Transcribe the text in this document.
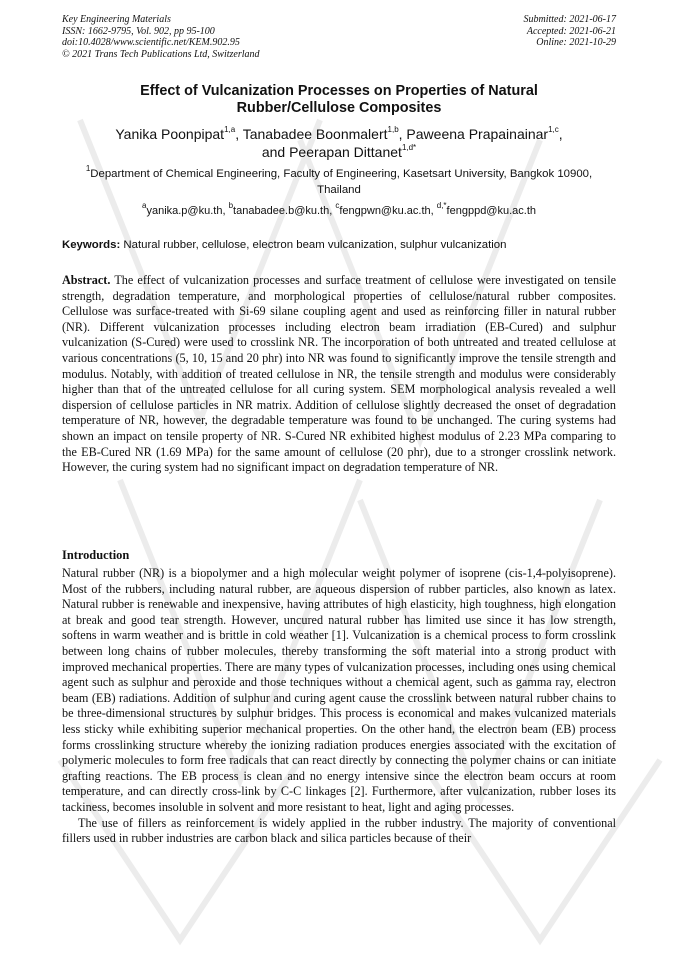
Key Engineering Materials
ISSN: 1662-9795, Vol. 902, pp 95-100
doi:10.4028/www.scientific.net/KEM.902.95
© 2021 Trans Tech Publications Ltd, Switzerland
Submitted: 2021-06-17
Accepted: 2021-06-21
Online: 2021-10-29
Effect of Vulcanization Processes on Properties of Natural
Rubber/Cellulose Composites
Yanika Poonpipat$^{1,a}$, Tanabadee Boonmalert$^{1,b}$, Paweena Prapainainar$^{1,c}$,
and Peerapan Dittanet$^{1,d*}$
$^1$Department of Chemical Engineering, Faculty of Engineering, Kasetsart University, Bangkok 10900, Thailand
$^a$yanika.p@ku.th, $^b$tanabadee.b@ku.th, $^c$fengpwn@ku.ac.th, $^{d,*}$fengppd@ku.ac.th
Keywords: Natural rubber, cellulose, electron beam vulcanization, sulphur vulcanization

Abstract. The effect of vulcanization processes and surface treatment of cellulose were investigated on tensile strength, degradation temperature, and morphological properties of cellulose/natural rubber composites. Cellulose was surface-treated with Si-69 silane coupling agent and used as reinforcing filler in natural rubber (NR). Different vulcanization processes including electron beam irradiation (EB-Cured) and sulphur vulcanization (S-Cured) were used to crosslink NR. The incorporation of both untreated and treated cellulose at various concentrations (5, 10, 15 and 20 phr) into NR was found to significantly improve the tensile strength and modulus. Notably, with addition of treated cellulose in NR, the tensile strength and modulus were considerably higher than that of the untreated cellulose for all curing system. SEM morphological analysis revealed a well dispersion of cellulose particles in NR matrix. Addition of cellulose slightly decreased the onset of degradation temperature of NR, however, the degradable temperature was found to be unchanged. The curing systems had shown an impact on tensile property of NR. S-Cured NR exhibited highest modulus of 2.23 MPa comparing to the EB-Cured NR (1.69 MPa) for the same amount of cellulose (20 phr), due to a stronger crosslink network. However, the curing system had no significant impact on degradation temperature of NR.

Introduction

Natural rubber (NR) is a biopolymer and a high molecular weight polymer of isoprene (cis-1,4-polyisoprene). Most of the rubbers, including natural rubber, are aqueous dispersion of rubber particles, also known as latex. Natural rubber is renewable and inexpensive, having attributes of high elasticity, high toughness, high elongation at break and good tear strength. However, uncured natural rubber has limited use since it has low strength, softens in warm weather and is brittle in cold weather [1]. Vulcanization is a chemical process to form crosslink between long chains of rubber molecules, thereby transforming the soft material into a strong product with improved mechanical properties. There are many types of vulcanization processes, including ones using chemical agent such as sulphur and peroxide and those techniques without a chemical agent, such as gamma ray, electron beam (EB) radiations. Addition of sulphur and curing agent cause the crosslink between natural rubber chains to be three-dimensional structures by sulphur bridges. This process is economical and makes vulcanized materials less sticky while exhibiting superior mechanical properties. On the other hand, the electron beam (EB) process forms crosslinking structure whereby the ionizing radiation produces energies associated with the excitation of polymeric molecules to form free radicals that can react directly by connecting the polymer chains or can initiate grafting reactions. The EB process is clean and no energy intensive since the electron beam occurs at room temperature, and can directly cross-link by C-C linkages [2]. Furthermore, after vulcanization, rubber loses its tackiness, becomes insoluble in solvent and more resistant to heat, light and aging processes.

The use of fillers as reinforcement is widely applied in the rubber industry. The majority of conventional fillers used in rubber industries are carbon black and silica particles because of their
